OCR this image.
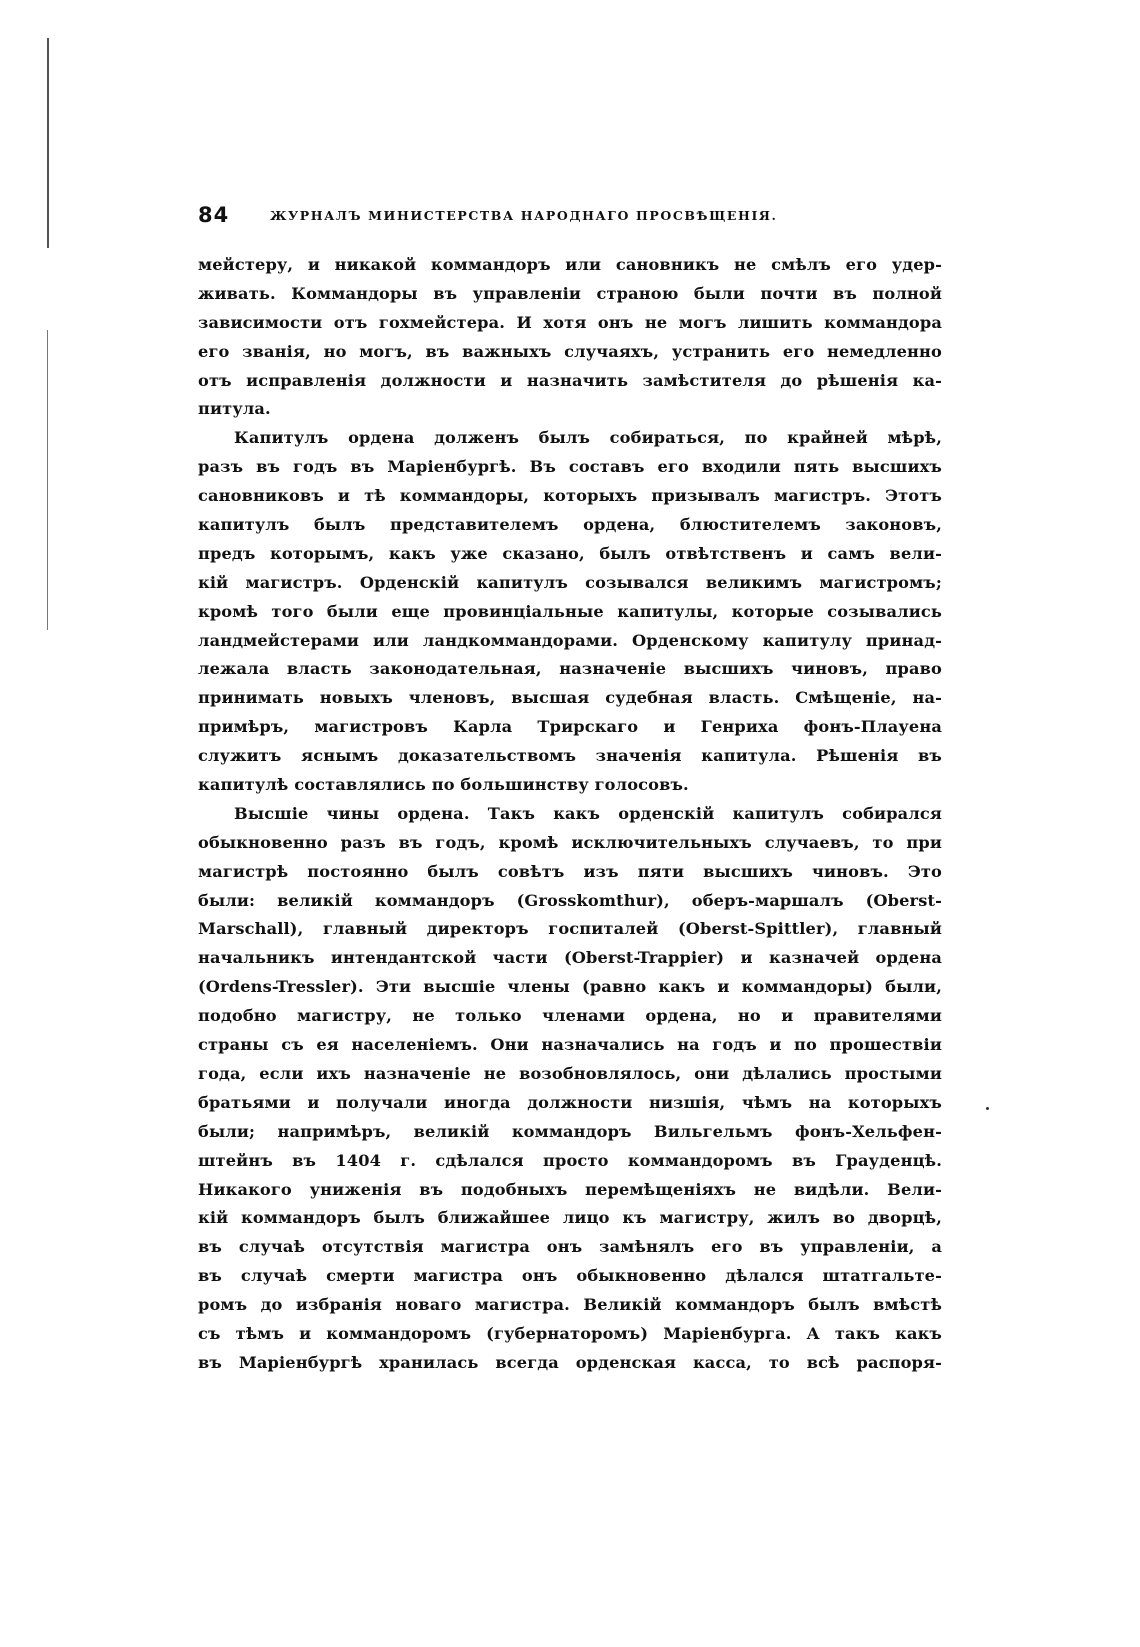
84	ЖУРНАЛЪ МИНИСТЕРСТВА НАРОДНАГО ПРОСВѢЩЕНІЯ.
мейстеру, и никакой коммандоръ или сановникъ не смѣлъ его удер-
живать. Коммандоры въ управленіи страною были почти въ полной
зависимости отъ гохмейстера. И хотя онъ не могъ лишить коммандора
его званія, но могъ, въ важныхъ случаяхъ, устранить его немедленно
отъ исправленія должности и назначить замѣстителя до рѣшенія ка-
питула.
Капитулъ ордена долженъ былъ собираться, по крайней мѣрѣ,
разъ въ годъ въ Маріенбургѣ. Въ составъ его входили пять высшихъ
сановниковъ и тѣ коммандоры, которыхъ призывалъ магистръ. Этотъ
капитулъ былъ представителемъ ордена, блюстителемъ законовъ,
предъ которымъ, какъ уже сказано, былъ отвѣтственъ и самъ вели-
кій магистръ. Орденскій капитулъ созывался великимъ магистромъ;
кромѣ того были еще провинціальные капитулы, которые созывались
ландмейстерами или ландкоммандорами. Орденскому капитулу принад-
лежала власть законодательная, назначеніе высшихъ чиновъ, право
принимать новыхъ членовъ, высшая судебная власть. Смѣщеніе, на-
примѣръ, магистровъ Карла Трирскаго и Генриха фонъ-Плауена
служитъ яснымъ доказательствомъ значенія капитула. Рѣшенія въ
капитулѣ составлялись по большинству голосовъ.
Высшіе чины ордена. Такъ какъ орденскій капитулъ собирался
обыкновенно разъ въ годъ, кромѣ исключительныхъ случаевъ, то при
магистрѣ постоянно былъ совѣтъ изъ пяти высшихъ чиновъ. Это
были: великій коммандоръ (Grosskomthur), оберъ-маршалъ (Oberst-
Marschall), главный директоръ госпиталей (Oberst-Spittler), главный
начальникъ интендантской части (Oberst-Trappier) и казначей ордена
(Ordens-Tressler). Эти высшіе члены (равно какъ и коммандоры) были,
подобно магистру, не только членами ордена, но и правителями
страны съ ея населеніемъ. Они назначались на годъ и по прошествіи
года, если ихъ назначеніе не возобновлялось, они дѣлались простыми
братьями и получали иногда должности низшія, чѣмъ на которыхъ
были; напримѣръ, великій коммандоръ Вильгельмъ фонъ-Хельфен-
штейнъ въ 1404 г. сдѣлался просто коммандоромъ въ Грауденцѣ.
Никакого униженія въ подобныхъ перемѣщеніяхъ не видѣли. Вели-
кій коммандоръ былъ ближайшее лицо къ магистру, жилъ во дворцѣ,
въ случаѣ отсутствія магистра онъ замѣнялъ его въ управленіи, а
въ случаѣ смерти магистра онъ обыкновенно дѣлался штатгальте-
ромъ до избранія новаго магистра. Великій коммандоръ былъ вмѣстѣ
съ тѣмъ и коммандоромъ (губернаторомъ) Маріенбурга. А такъ какъ
въ Маріенбургѣ хранилась всегда орденская касса, то всѣ распоря-
